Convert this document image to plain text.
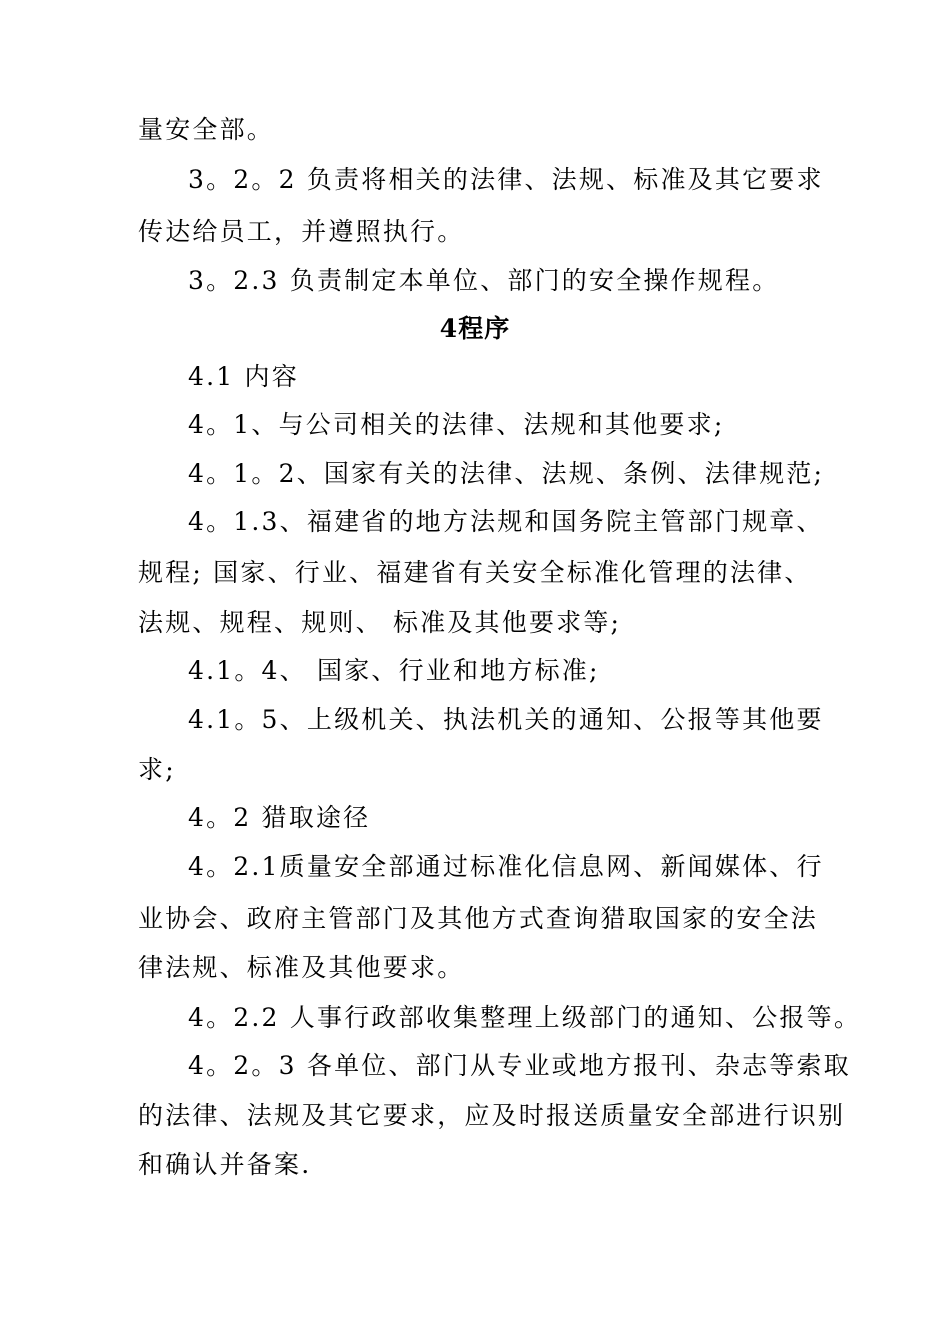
量安全部。
3。2。2 负责将相关的法律、法规、标准及其它要求
传达给员工，并遵照执行。
3。2.3 负责制定本单位、部门的安全操作规程。
4程序
4.1 内容
4。1、与公司相关的法律、法规和其他要求;
4。1。2、国家有关的法律、法规、条例、法律规范;
4。1.3、福建省的地方法规和国务院主管部门规章、
规程; 国家、行业、福建省有关安全标准化管理的法律、
法规、规程、规则、 标准及其他要求等;
4.1。4、 国家、行业和地方标准;
4.1。5、上级机关、执法机关的通知、公报等其他要
求;
4。2 猎取途径
4。2.1质量安全部通过标准化信息网、新闻媒体、行
业协会、政府主管部门及其他方式查询猎取国家的安全法
律法规、标准及其他要求。
4。2.2 人事行政部收集整理上级部门的通知、公报等。
4。2。3 各单位、部门从专业或地方报刊、杂志等索取
的法律、法规及其它要求，应及时报送质量安全部进行识别
和确认并备案.
